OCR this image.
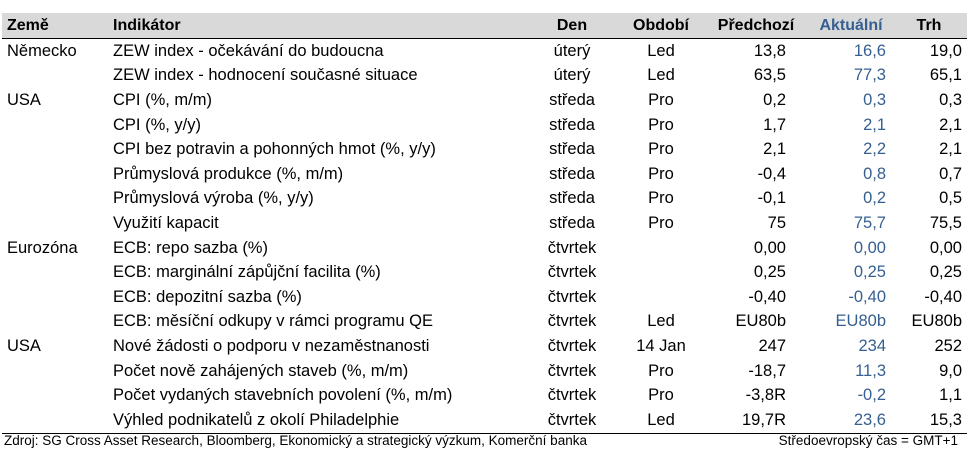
Země	Indikátor	Den	Období	Předchozí	Aktuální	Trh
Německo	ZEW index - očekávání do budoucna	úterý	Led	13,8	16,6	19,0
	ZEW index - hodnocení současné situace	úterý	Led	63,5	77,3	65,1
USA	CPI (%, m/m)	středa	Pro	0,2	0,3	0,3
	CPI (%, y/y)	středa	Pro	1,7	2,1	2,1
	CPI bez potravin a pohonných hmot (%, y/y)	středa	Pro	2,1	2,2	2,1
	Průmyslová produkce (%, m/m)	středa	Pro	-0,4	0,8	0,7
	Průmyslová výroba (%, y/y)	středa	Pro	-0,1	0,2	0,5
	Využití kapacit	středa	Pro	75	75,7	75,5
Eurozóna	ECB: repo sazba (%)	čtvrtek		0,00	0,00	0,00
	ECB: marginální zápůjční facilita (%)	čtvrtek		0,25	0,25	0,25
	ECB: depozitní sazba (%)	čtvrtek		-0,40	-0,40	-0,40
	ECB: měsíční odkupy v rámci programu QE	čtvrtek	Led	EU80b	EU80b	EU80b
USA	Nové žádosti o podporu v nezaměstnanosti	čtvrtek	14 Jan	247	234	252
	Počet nově zahájených staveb (%, m/m)	čtvrtek	Pro	-18,7	11,3	9,0
	Počet vydaných stavebních povolení (%, m/m)	čtvrtek	Pro	-3,8R	-0,2	1,1
	Výhled podnikatelů z okolí Philadelphie	čtvrtek	Led	19,7R	23,6	15,3
Zdroj: SG Cross Asset Research, Bloomberg, Ekonomický a strategický výzkum, Komerční banka	Středoevropský čas = GMT+1
